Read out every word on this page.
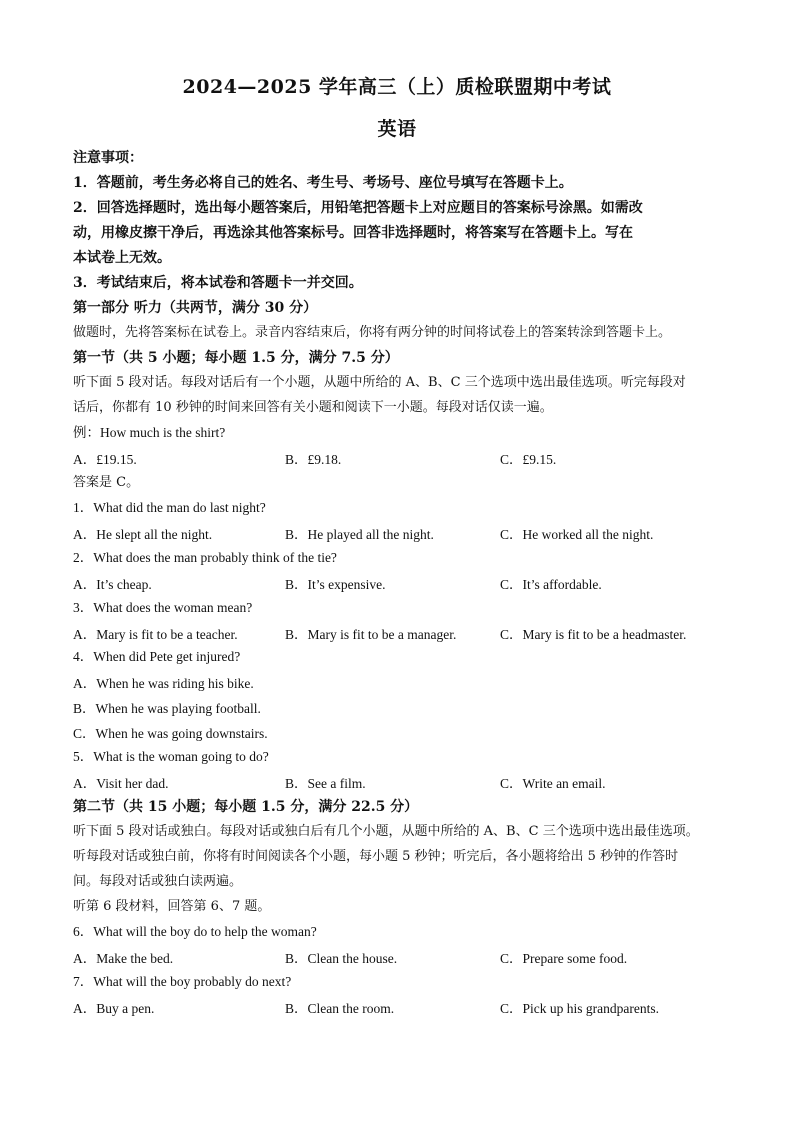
2024—2025 学年高三（上）质检联盟期中考试
英语
注意事项：
1．答题前，考生务必将自己的姓名、考生号、考场号、座位号填写在答题卡上。
2．回答选择题时，选出每小题答案后，用铅笔把答题卡上对应题目的答案标号涂黑。如需改
动，用橡皮擦干净后，再选涂其他答案标号。回答非选择题时，将答案写在答题卡上。写在
本试卷上无效。
3．考试结束后，将本试卷和答题卡一并交回。
第一部分 听力（共两节，满分 30 分）
做题时，先将答案标在试卷上。录音内容结束后，你将有两分钟的时间将试卷上的答案转涂到答题卡上。
第一节（共 5 小题；每小题 1.5 分，满分 7.5 分）
听下面 5 段对话。每段对话后有一个小题，从题中所给的 A、B、C 三个选项中选出最佳选项。听完每段对
话后，你都有 10 秒钟的时间来回答有关小题和阅读下一小题。每段对话仅读一遍。
例：How much is the shirt?
A．£19.15.	B．£9.18.	C．£9.15.
答案是 C。
1．What did the man do last night?
A．He slept all the night.	B．He played all the night.	C．He worked all the night.
2．What does the man probably think of the tie?
A．It’s cheap.	B．It’s expensive.	C．It’s affordable.
3．What does the woman mean?
A．Mary is fit to be a teacher.	B．Mary is fit to be a manager.	C．Mary is fit to be a headmaster.
4．When did Pete get injured?
A．When he was riding his bike.
B．When he was playing football.
C．When he was going downstairs.
5．What is the woman going to do?
A．Visit her dad.	B．See a film.	C．Write an email.
第二节（共 15 小题；每小题 1.5 分，满分 22.5 分）
听下面 5 段对话或独白。每段对话或独白后有几个小题，从题中所给的 A、B、C 三个选项中选出最佳选项。
听每段对话或独白前，你将有时间阅读各个小题，每小题 5 秒钟；听完后，各小题将给出 5 秒钟的作答时
间。每段对话或独白读两遍。
听第 6 段材料，回答第 6、7 题。
6．What will the boy do to help the woman?
A．Make the bed.	B．Clean the house.	C．Prepare some food.
7．What will the boy probably do next?
A．Buy a pen.	B．Clean the room.	C．Pick up his grandparents.
